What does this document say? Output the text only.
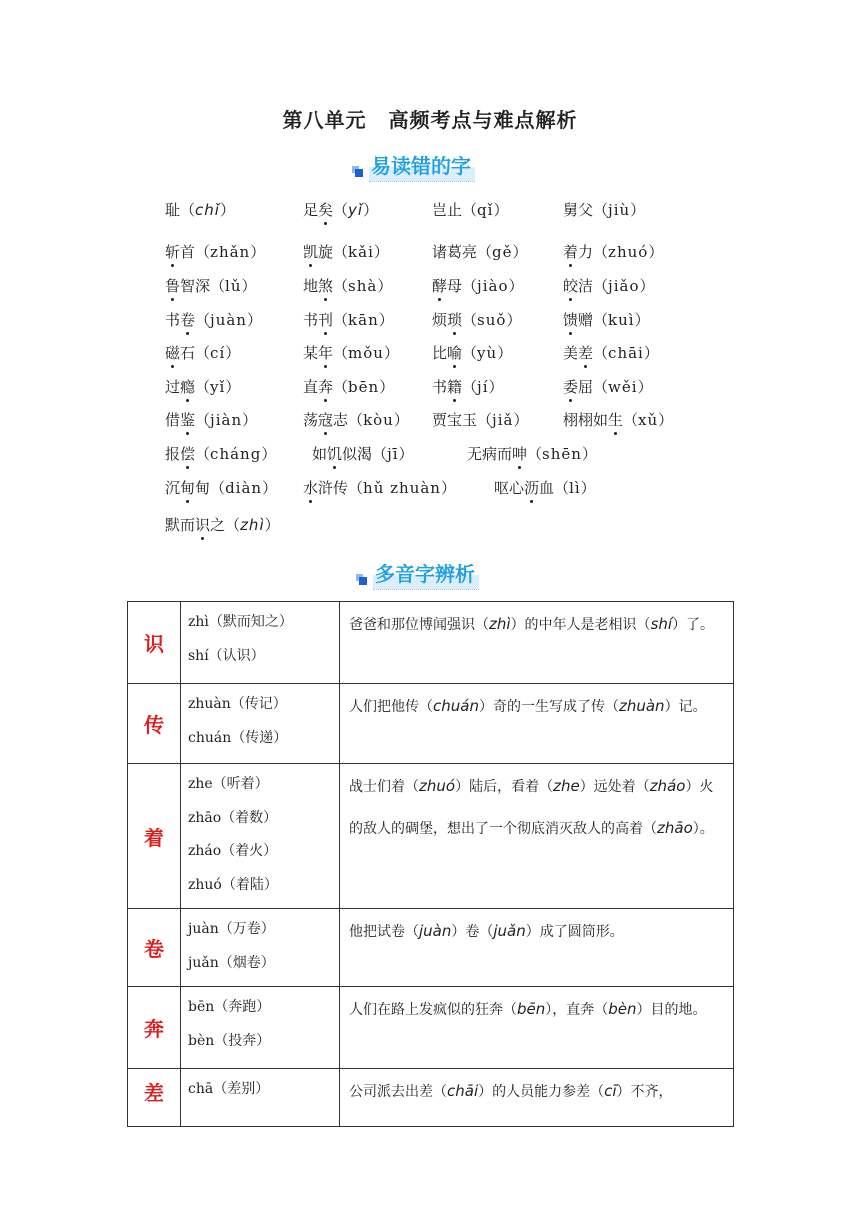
第八单元 高频考点与难点解析
易读错的字
耻（chǐ）	足矣（yǐ）	岂止（qǐ）	舅父（jiù）
斩首（zhǎn）	凯旋（kǎi）	诸葛亮（gě） 着力（zhuó）
鲁智深（lǔ）	地煞（shà）	酵母（jiào）	皎洁（jiǎo）
书卷（juàn）	书刊（kān）	烦琐（suǒ）	馈赠（kuì）
磁石（cí）	某年（mǒu） 比喻（yù）	美差（chāi）
过瘾（yǐ）	直奔（bēn）	书籍（jí）	委屈（wěi）
借鉴（jiàn）	荡寇志（kòu） 贾宝玉（jiǎ） 栩栩如生（xǔ）
报偿（cháng） 如饥似渴（jī）	无病而呻（shēn）
沉甸甸（diàn） 水浒传（hǔ zhuàn）	呕心沥血（lì）
默而识之（zhì）
多音字辨析
识	zhì（默而知之）
shí（认识）	爸爸和那位博闻强识（zhì）的中年人是老相识（shí）了。
传	zhuàn（传记）
chuán（传递）	人们把他传（chuán）奇的一生写成了传（zhuàn）记。
着	zhe（听着）
zhāo（着数）
zháo（着火）
zhuó（着陆）	战士们着（zhuó）陆后，看着（zhe）远处着（zháo）火的敌人的碉堡，想出了一个彻底消灭敌人的高着（zhāo）。
卷	juàn（万卷）
juǎn（烟卷）	他把试卷（juàn）卷（juǎn）成了圆筒形。
奔	bēn（奔跑）
bèn（投奔）	人们在路上发疯似的狂奔（bēn），直奔（bèn）目的地。
差	chā（差别）	公司派去出差（chāi）的人员能力参差（cī）不齐，
